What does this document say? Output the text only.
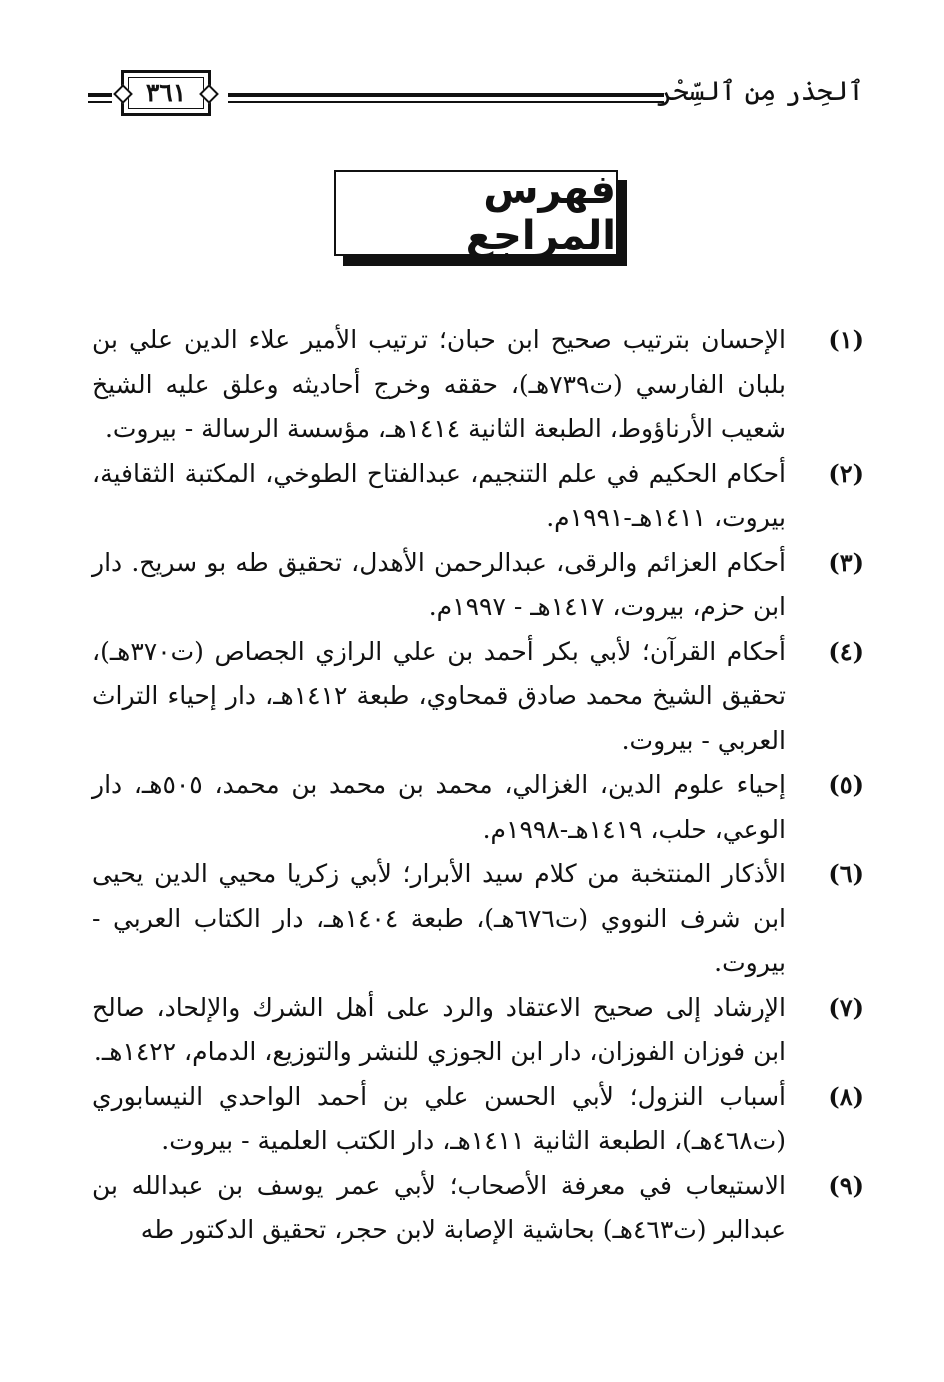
ٱلحِذر مِن ٱلسِّحْر
٣٦١
فهرس المراجع
(١)
الإحسان بترتيب صحيح ابن حبان؛ ترتيب الأمير علاء الدين علي بن بلبان الفارسي (ت٧٣٩هـ)، حققه وخرج أحاديثه وعلق عليه الشيخ شعيب الأرناؤوط، الطبعة الثانية ١٤١٤هـ، مؤسسة الرسالة - بيروت.
(٢)
أحكام الحكيم في علم التنجيم، عبدالفتاح الطوخي، المكتبة الثقافية، بيروت، ١٤١١هـ-١٩٩١م.
(٣)
أحكام العزائم والرقى، عبدالرحمن الأهدل، تحقيق طه بو سريح. دار ابن حزم، بيروت، ١٤١٧هـ - ١٩٩٧م.
(٤)
أحكام القرآن؛ لأبي بكر أحمد بن علي الرازي الجصاص (ت٣٧٠هـ)، تحقيق الشيخ محمد صادق قمحاوي، طبعة ١٤١٢هـ، دار إحياء التراث العربي - بيروت.
(٥)
إحياء علوم الدين، الغزالي، محمد بن محمد بن محمد، ٥٠٥هـ، دار الوعي، حلب، ١٤١٩هـ-١٩٩٨م.
(٦)
الأذكار المنتخبة من كلام سيد الأبرار؛ لأبي زكريا محيي الدين يحيى ابن شرف النووي (ت٦٧٦هـ)، طبعة ١٤٠٤هـ، دار الكتاب العربي - بيروت.
(٧)
الإرشاد إلى صحيح الاعتقاد والرد على أهل الشرك والإلحاد، صالح ابن فوزان الفوزان، دار ابن الجوزي للنشر والتوزيع، الدمام، ١٤٢٢هـ.
(٨)
أسباب النزول؛ لأبي الحسن علي بن أحمد الواحدي النيسابوري (ت٤٦٨هـ)، الطبعة الثانية ١٤١١هـ، دار الكتب العلمية - بيروت.
(٩)
الاستيعاب في معرفة الأصحاب؛ لأبي عمر يوسف بن عبدالله بن عبدالبر (ت٤٦٣هـ) بحاشية الإصابة لابن حجر، تحقيق الدكتور طه
